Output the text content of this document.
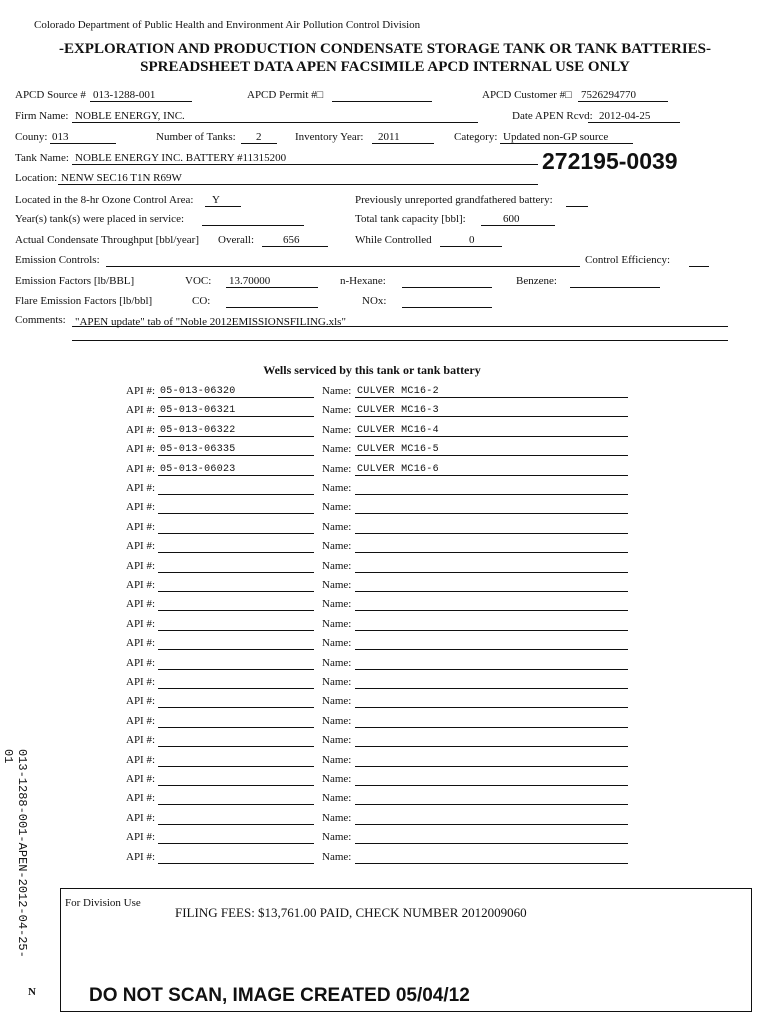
Colorado Department of Public Health and Environment Air Pollution Control Division
-EXPLORATION AND PRODUCTION CONDENSATE STORAGE TANK OR TANK BATTERIES-
SPREADSHEET DATA APEN FACSIMILE APCD INTERNAL USE ONLY
APCD Source # 013-1288-001	APCD Permit #□	APCD Customer #□ 7526294770
Firm Name: NOBLE ENERGY, INC.	Date APEN Rcvd: 2012-04-25
Couny: 013	Number of Tanks: 2	Inventory Year: 2011	Category: Updated non-GP source
Tank Name: NOBLE ENERGY INC. BATTERY #11315200	272195-0039
Location: NENW SEC16 T1N R69W
Located in the 8-hr Ozone Control Area: Y	Previously unreported grandfathered battery:
Year(s) tank(s) were placed in service:	Total tank capacity [bbl]:	600
Actual Condensate Throughput [bbl/year] Overall:	656	While Controlled	0
Emission Controls:	Control Efficiency:
Emission Factors [lb/BBL]	VOC: 13.70000	n-Hexane:	Benzene:
Flare Emission Factors [lb/bbl]	CO:	NOx:
Comments: "APEN update" tab of "Noble 2012EMISSIONSFILING.xls"
Wells serviced by this tank or tank battery
API #: 05-013-06320	Name: CULVER MC16-2
API #: 05-013-06321	Name: CULVER MC16-3
API #: 05-013-06322	Name: CULVER MC16-4
API #: 05-013-06335	Name: CULVER MC16-5
API #: 05-013-06023	Name: CULVER MC16-6
API #:	Name:
API #:	Name:
API #:	Name:
API #:	Name:
API #:	Name:
API #:	Name:
API #:	Name:
API #:	Name:
API #:	Name:
API #:	Name:
API #:	Name:
API #:	Name:
API #:	Name:
API #:	Name:
API #:	Name:
API #:	Name:
API #:	Name:
API #:	Name:
API #:	Name:
API #:	Name:
For Division Use
FILING FEES: $13,761.00 PAID, CHECK NUMBER 2012009060
DO NOT SCAN, IMAGE CREATED 05/04/12
013-1288-001-APEN-2012-04-25-01
N
